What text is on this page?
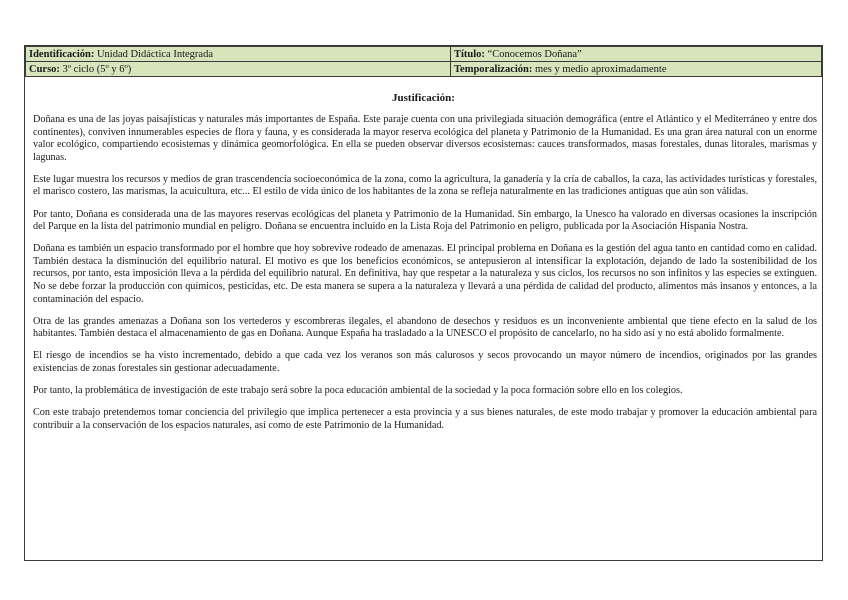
Identificación: Unidad Didáctica Integrada	Título: “Conocemos Doñana”
Curso: 3º ciclo (5º y 6º)	Temporalización: mes y medio aproximadamente
Justificación:

Doñana es una de las joyas paisajísticas y naturales más importantes de España. Este paraje cuenta con una privilegiada situación demográfica (entre el Atlántico y el Mediterráneo y entre dos continentes), conviven innumerables especies de flora y fauna, y es considerada la mayor reserva ecológica del planeta y Patrimonio de la Humanidad. Es una gran área natural con un enorme valor ecológico, compartiendo ecosistemas y dinámica geomorfológica. En ella se pueden observar diversos ecosistemas: cauces transformados, masas forestales, dunas litorales, marismas y lagunas.

Este lugar muestra los recursos y medios de gran trascendencia socioeconómica de la zona, como la agricultura, la ganadería y la cría de caballos, la caza, las actividades turísticas y forestales, el marisco costero, las marismas, la acuicultura, etc... El estilo de vida único de los habitantes de la zona se refleja naturalmente en las tradiciones antiguas que aún son válidas.

Por tanto, Doñana es considerada una de las mayores reservas ecológicas del planeta y Patrimonio de la Humanidad. Sin embargo, la Unesco ha valorado en diversas ocasiones la inscripción del Parque en la lista del patrimonio mundial en peligro. Doñana se encuentra incluido en la Lista Roja del Patrimonio en peligro, publicada por la Asociación Hispania Nostra.

Doñana es también un espacio transformado por el hombre que hoy sobrevive rodeado de amenazas. El principal problema en Doñana es la gestión del agua tanto en cantidad como en calidad. También destaca la disminución del equilibrio natural. El motivo es que los beneficios económicos, se antepusieron al intensificar la explotación, dejando de lado la sostenibilidad de los recursos, por tanto, esta imposición lleva a la pérdida del equilibrio natural. En definitiva, hay que respetar a la naturaleza y sus ciclos, los recursos no son infinitos y las especies se extinguen. No se debe forzar la producción con químicos, pesticidas, etc. De esta manera se supera a la naturaleza y llevará a una pérdida de calidad del producto, alimentos más insanos y entonces, a la contaminación del espacio.

Otra de las grandes amenazas a Doñana son los vertederos y escombreras ilegales, el abandono de desechos y residuos es un inconveniente ambiental que tiene efecto en la salud de los habitantes. También destaca el almacenamiento de gas en Doñana. Aunque España ha trasladado a la UNESCO el propósito de cancelarlo, no ha sido así y no está abolido formalmente.

El riesgo de incendios se ha visto incrementado, debido a que cada vez los veranos son más calurosos y secos provocando un mayor número de incendios, originados por las grandes existencias de zonas forestales sin gestionar adecuadamente.

Por tanto, la problemática de investigación de este trabajo será sobre la poca educación ambiental de la sociedad y la poca formación sobre ello en los colegios.

Con este trabajo pretendemos tomar conciencia del privilegio que implica pertenecer a esta provincia y a sus bienes naturales, de este modo trabajar y promover la educación ambiental para contribuir a la conservación de los espacios naturales, así como de este Patrimonio de la Humanidad.
